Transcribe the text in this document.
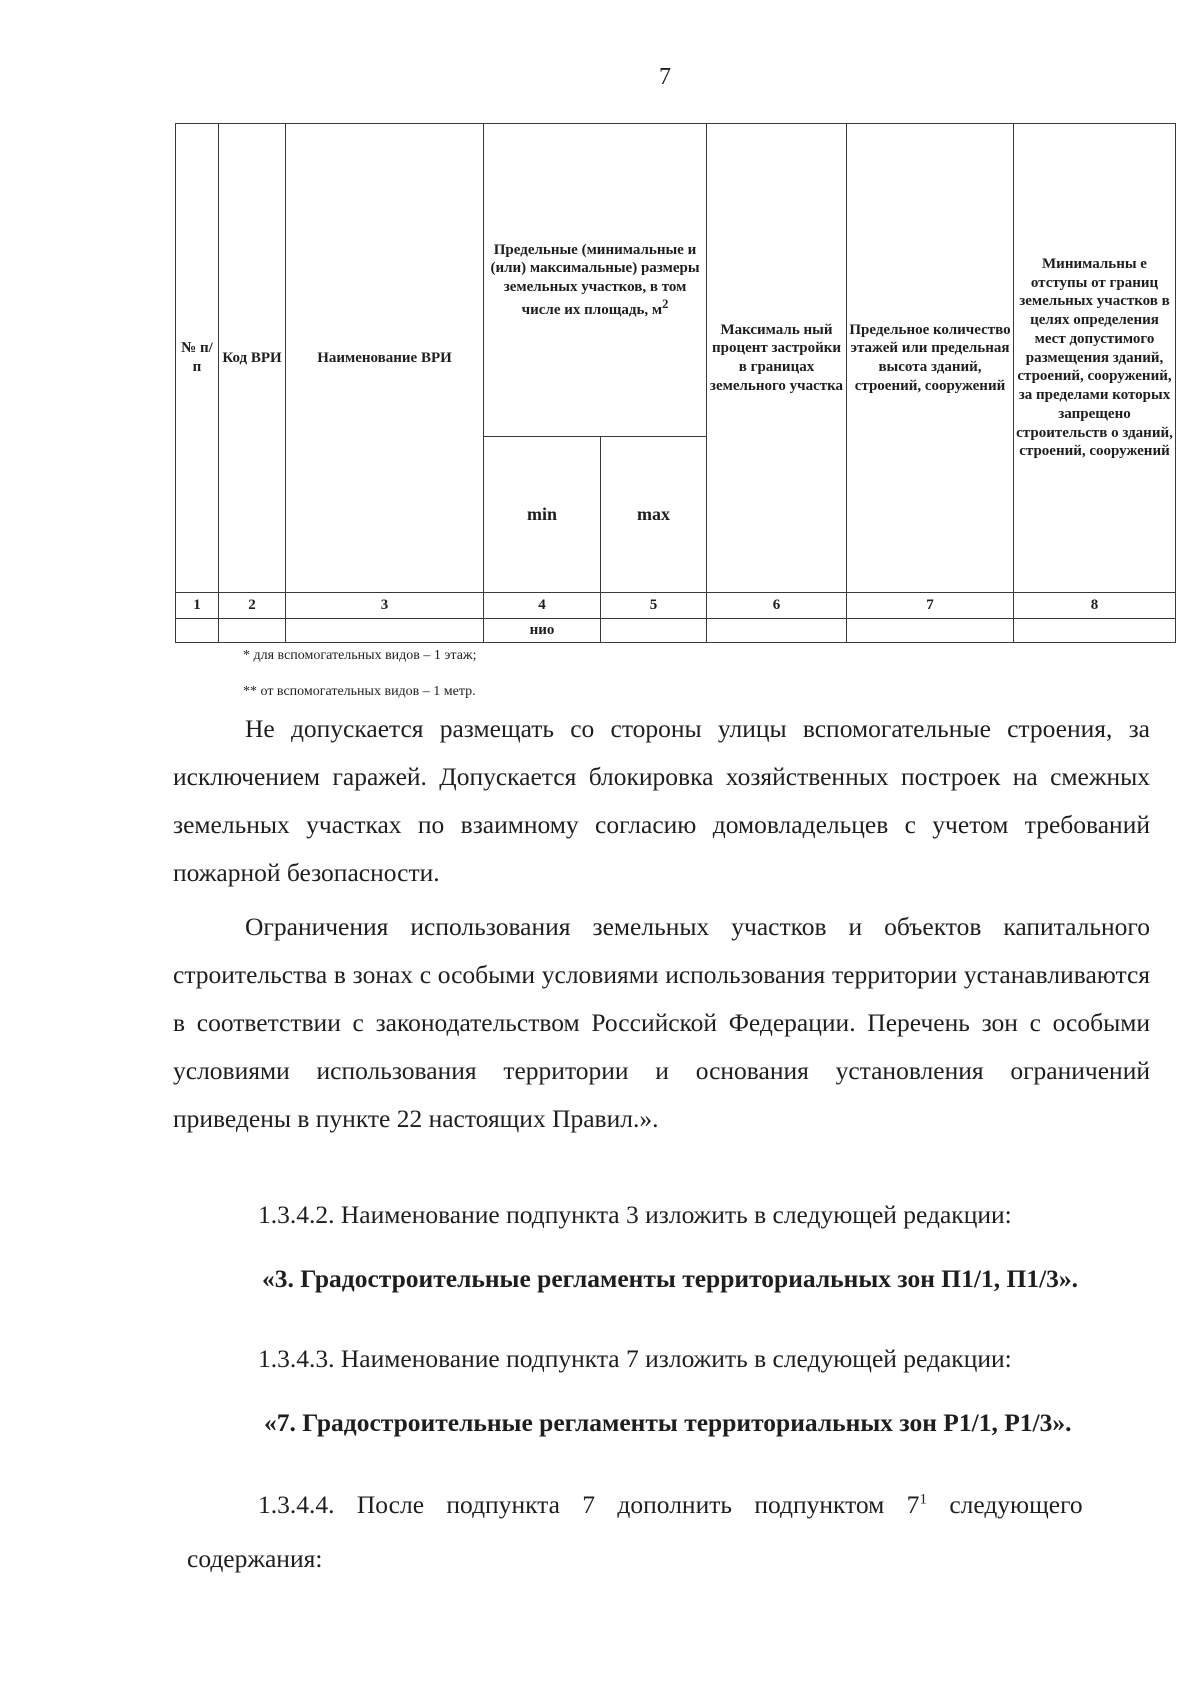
7
№ п/п	Код ВРИ	Наименование ВРИ	Предельные (минимальные и (или) максимальные) размеры земельных участков, в том числе их площадь, $м^2$		Максималь ный процент застройки в границах земельного участка	Предельное количество этажей или предельная высота зданий, строений, сооружений	Минимальны е отступы от границ земельных участков в целях определения мест допустимого размещения зданий, строений, сооружений, за пределами которых запрещено строительств о зданий, строений, сооружений
			min	max			
1	2	3	4	5	6	7	8
			нио				
* для вспомогательных видов – 1 этаж;
** от вспомогательных видов – 1 метр.

Не допускается размещать со стороны улицы вспомогательные строения, за исключением гаражей. Допускается блокировка хозяйственных построек на смежных земельных участках по взаимному согласию домовладельцев с учетом требований пожарной безопасности.

Ограничения использования земельных участков и объектов капитального строительства в зонах с особыми условиями использования территории устанавливаются в соответствии с законодательством Российской Федерации. Перечень зон с особыми условиями использования территории и основания установления ограничений приведены в пункте 22 настоящих Правил.».

1.3.4.2. Наименование подпункта 3 изложить в следующей редакции:
«3. Градостроительные регламенты территориальных зон П1/1, П1/3».
1.3.4.3. Наименование подпункта 7 изложить в следующей редакции:
«7. Градостроительные регламенты территориальных зон Р1/1, Р1/3».
1.3.4.4. После подпункта 7 дополнить подпунктом $7^1$ следующего
содержания:
